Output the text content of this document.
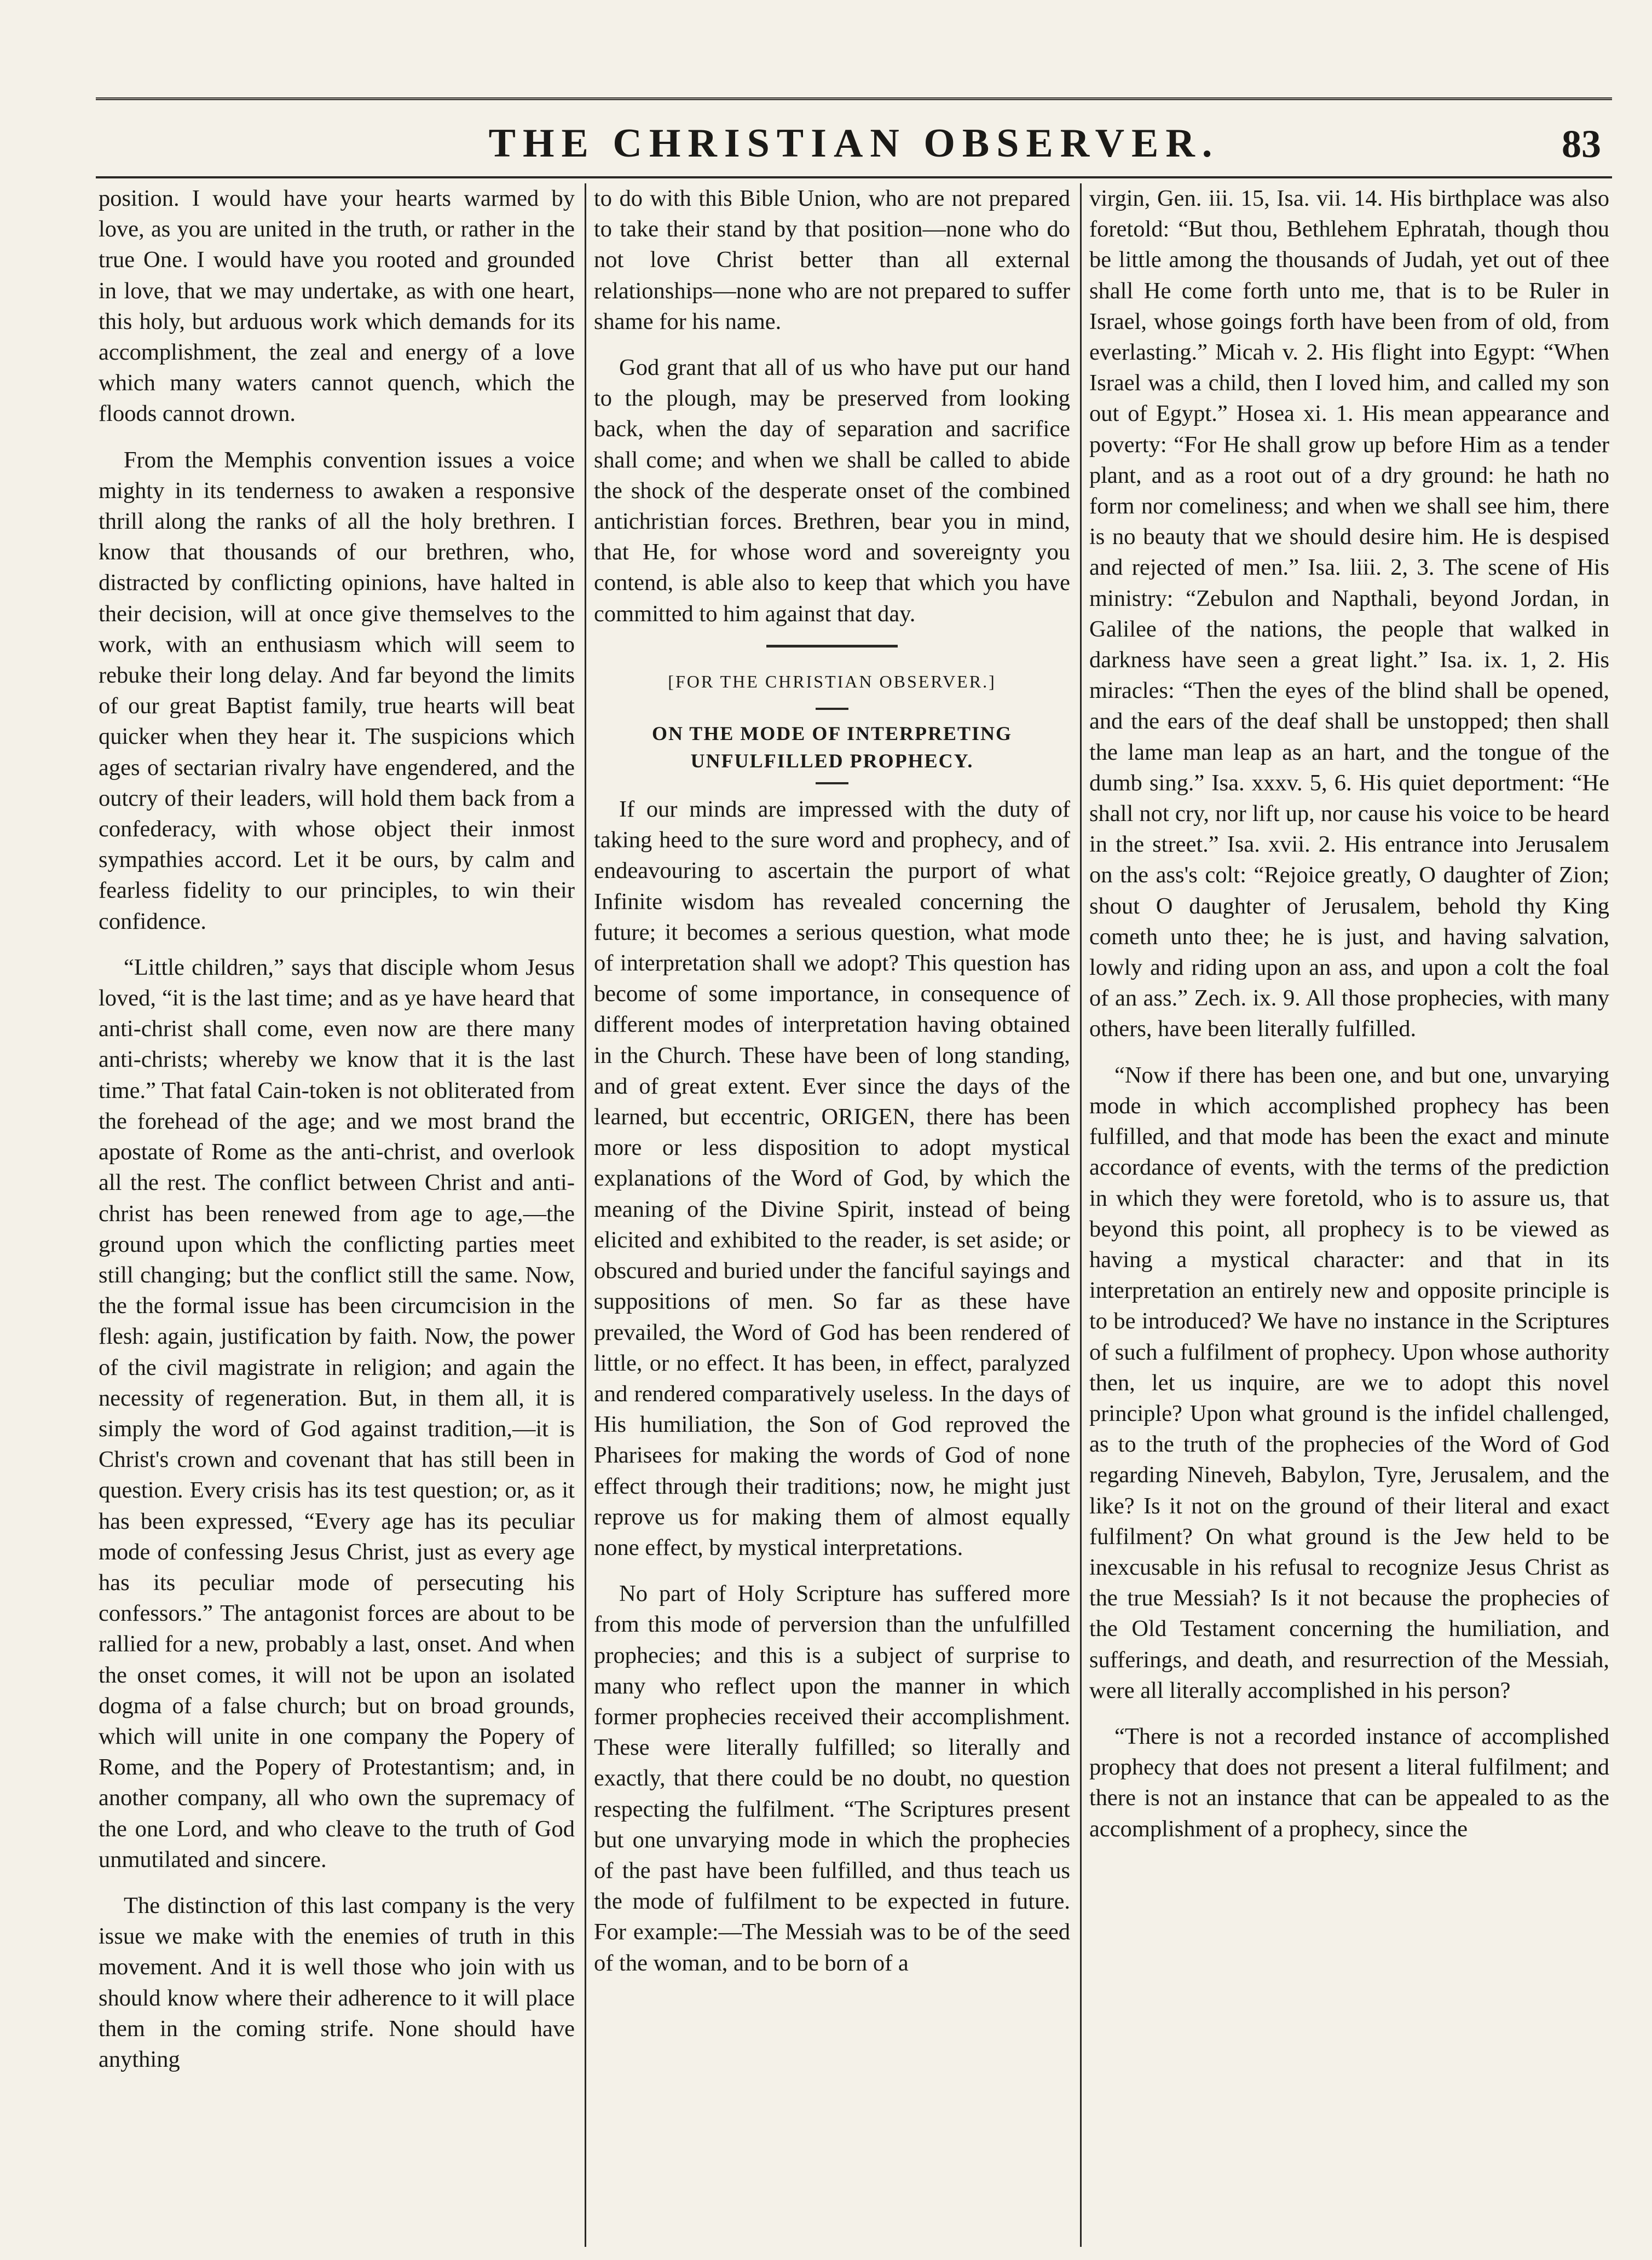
THE CHRISTIAN OBSERVER.	83

position. I would have your hearts warmed by love, as you are united in the truth, or rather in the true One. I would have you rooted and grounded in love, that we may undertake, as with one heart, this holy, but arduous work which demands for its accomplishment, the zeal and energy of a love which many waters cannot quench, which the floods cannot drown.

From the Memphis convention issues a voice mighty in its tenderness to awaken a responsive thrill along the ranks of all the holy brethren. I know that thousands of our brethren, who, distracted by conflicting opinions, have halted in their decision, will at once give themselves to the work, with an enthusiasm which will seem to rebuke their long delay. And far beyond the limits of our great Baptist family, true hearts will beat quicker when they hear it. The suspicions which ages of sectarian rivalry have engendered, and the outcry of their leaders, will hold them back from a confederacy, with whose object their inmost sympathies accord. Let it be ours, by calm and fearless fidelity to our principles, to win their confidence.

“Little children,” says that disciple whom Jesus loved, “it is the last time; and as ye have heard that anti-christ shall come, even now are there many anti-christs; whereby we know that it is the last time.” That fatal Cain-token is not obliterated from the forehead of the age; and we most brand the apostate of Rome as the anti-christ, and overlook all the rest. The conflict between Christ and anti-christ has been renewed from age to age,—the ground upon which the conflicting parties meet still changing; but the conflict still the same. Now, the the formal issue has been circumcision in the flesh: again, justification by faith. Now, the power of the civil magistrate in religion; and again the necessity of regeneration. But, in them all, it is simply the word of God against tradition,—it is Christ's crown and covenant that has still been in question. Every crisis has its test question; or, as it has been expressed, “Every age has its peculiar mode of confessing Jesus Christ, just as every age has its peculiar mode of persecuting his confessors.” The antagonist forces are about to be rallied for a new, probably a last, onset. And when the onset comes, it will not be upon an isolated dogma of a false church; but on broad grounds, which will unite in one company the Popery of Rome, and the Popery of Protestantism; and, in another company, all who own the supremacy of the one Lord, and who cleave to the truth of God unmutilated and sincere.

The distinction of this last company is the very issue we make with the enemies of truth in this movement. And it is well those who join with us should know where their adherence to it will place them in the coming strife. None should have anything

to do with this Bible Union, who are not prepared to take their stand by that position—none who do not love Christ better than all external relationships—none who are not prepared to suffer shame for his name.

God grant that all of us who have put our hand to the plough, may be preserved from looking back, when the day of separation and sacrifice shall come; and when we shall be called to abide the shock of the desperate onset of the combined antichristian forces. Brethren, bear you in mind, that He, for whose word and sovereignty you contend, is able also to keep that which you have committed to him against that day.

[FOR THE CHRISTIAN OBSERVER.]
ON THE MODE OF INTERPRETING
UNFULFILLED PROPHECY.

If our minds are impressed with the duty of taking heed to the sure word and prophecy, and of endeavouring to ascertain the purport of what Infinite wisdom has revealed concerning the future; it becomes a serious question, what mode of interpretation shall we adopt? This question has become of some importance, in consequence of different modes of interpretation having obtained in the Church. These have been of long standing, and of great extent. Ever since the days of the learned, but eccentric, ORIGEN, there has been more or less disposition to adopt mystical explanations of the Word of God, by which the meaning of the Divine Spirit, instead of being elicited and exhibited to the reader, is set aside; or obscured and buried under the fanciful sayings and suppositions of men. So far as these have prevailed, the Word of God has been rendered of little, or no effect. It has been, in effect, paralyzed and rendered comparatively useless. In the days of His humiliation, the Son of God reproved the Pharisees for making the words of God of none effect through their traditions; now, he might just reprove us for making them of almost equally none effect, by mystical interpretations.

No part of Holy Scripture has suffered more from this mode of perversion than the unfulfilled prophecies; and this is a subject of surprise to many who reflect upon the manner in which former prophecies received their accomplishment. These were literally fulfilled; so literally and exactly, that there could be no doubt, no question respecting the fulfilment. “The Scriptures present but one unvarying mode in which the prophecies of the past have been fulfilled, and thus teach us the mode of fulfilment to be expected in future. For example:—The Messiah was to be of the seed of the woman, and to be born of a

virgin, Gen. iii. 15, Isa. vii. 14. His birthplace was also foretold: “But thou, Bethlehem Ephratah, though thou be little among the thousands of Judah, yet out of thee shall He come forth unto me, that is to be Ruler in Israel, whose goings forth have been from of old, from everlasting.” Micah v. 2. His flight into Egypt: “When Israel was a child, then I loved him, and called my son out of Egypt.” Hosea xi. 1. His mean appearance and poverty: “For He shall grow up before Him as a tender plant, and as a root out of a dry ground: he hath no form nor comeliness; and when we shall see him, there is no beauty that we should desire him. He is despised and rejected of men.” Isa. liii. 2, 3. The scene of His ministry: “Zebulon and Napthali, beyond Jordan, in Galilee of the nations, the people that walked in darkness have seen a great light.” Isa. ix. 1, 2. His miracles: “Then the eyes of the blind shall be opened, and the ears of the deaf shall be unstopped; then shall the lame man leap as an hart, and the tongue of the dumb sing.” Isa. xxxv. 5, 6. His quiet deportment: “He shall not cry, nor lift up, nor cause his voice to be heard in the street.” Isa. xvii. 2. His entrance into Jerusalem on the ass's colt: “Rejoice greatly, O daughter of Zion; shout O daughter of Jerusalem, behold thy King cometh unto thee; he is just, and having salvation, lowly and riding upon an ass, and upon a colt the foal of an ass.” Zech. ix. 9. All those prophecies, with many others, have been literally fulfilled.

“Now if there has been one, and but one, unvarying mode in which accomplished prophecy has been fulfilled, and that mode has been the exact and minute accordance of events, with the terms of the prediction in which they were foretold, who is to assure us, that beyond this point, all prophecy is to be viewed as having a mystical character: and that in its interpretation an entirely new and opposite principle is to be introduced? We have no instance in the Scriptures of such a fulfilment of prophecy. Upon whose authority then, let us inquire, are we to adopt this novel principle? Upon what ground is the infidel challenged, as to the truth of the prophecies of the Word of God regarding Nineveh, Babylon, Tyre, Jerusalem, and the like? Is it not on the ground of their literal and exact fulfilment? On what ground is the Jew held to be inexcusable in his refusal to recognize Jesus Christ as the true Messiah? Is it not because the prophecies of the Old Testament concerning the humiliation, and sufferings, and death, and resurrection of the Messiah, were all literally accomplished in his person?

“There is not a recorded instance of accomplished prophecy that does not present a literal fulfilment; and there is not an instance that can be appealed to as the accomplishment of a prophecy, since the
